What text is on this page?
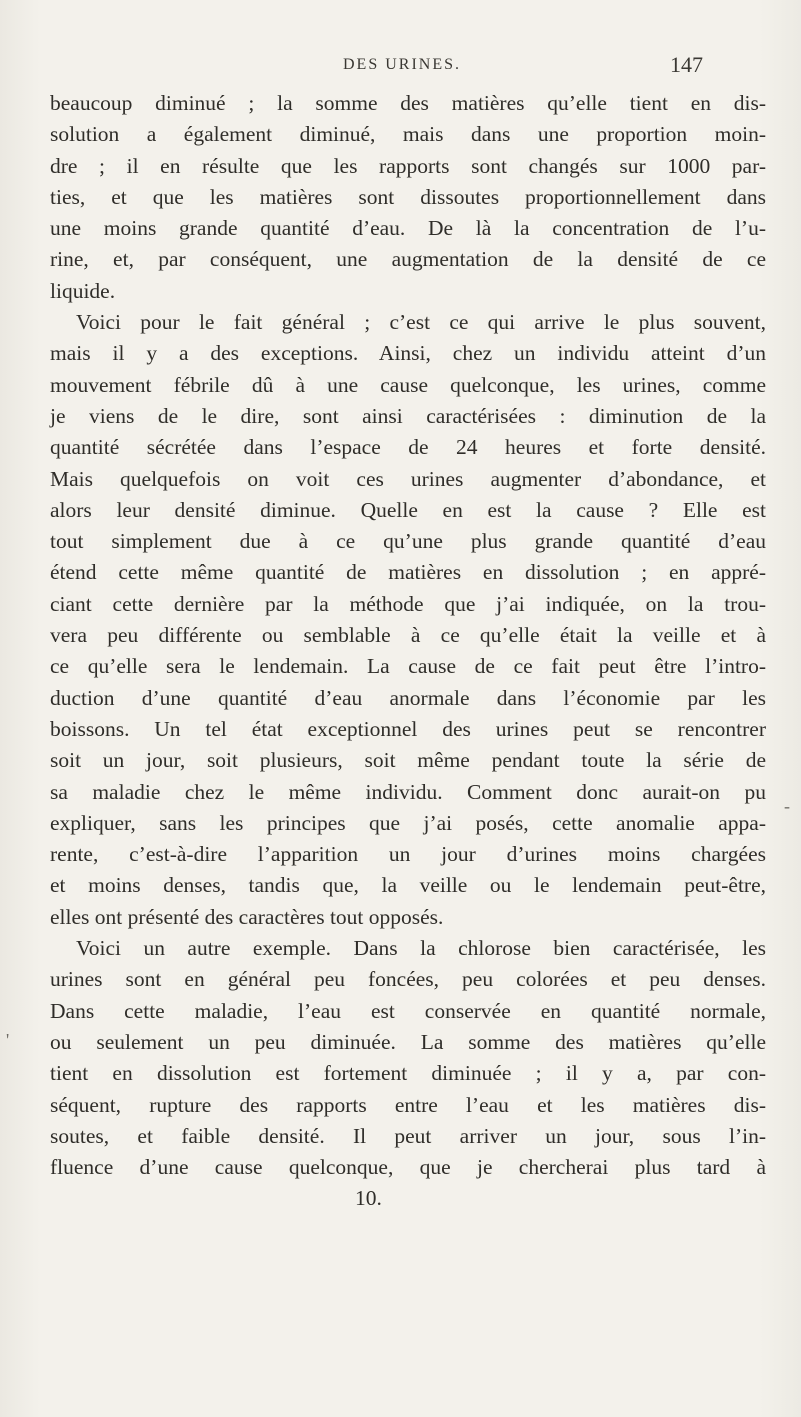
DES URINES.	147
beaucoup diminué ; la somme des matières qu’elle tient en dis-
solution a également diminué, mais dans une proportion moin-
dre ; il en résulte que les rapports sont changés sur 1000 par-
ties, et que les matières sont dissoutes proportionnellement dans
une moins grande quantité d’eau. De là la concentration de l’u-
rine, et, par conséquent, une augmentation de la densité de ce
liquide.
Voici pour le fait général ; c’est ce qui arrive le plus souvent,
mais il y a des exceptions. Ainsi, chez un individu atteint d’un
mouvement fébrile dû à une cause quelconque, les urines, comme
je viens de le dire, sont ainsi caractérisées : diminution de la
quantité sécrétée dans l’espace de 24 heures et forte densité.
Mais quelquefois on voit ces urines augmenter d’abondance, et
alors leur densité diminue. Quelle en est la cause ? Elle est
tout simplement due à ce qu’une plus grande quantité d’eau
étend cette même quantité de matières en dissolution ; en appré-
ciant cette dernière par la méthode que j’ai indiquée, on la trou-
vera peu différente ou semblable à ce qu’elle était la veille et à
ce qu’elle sera le lendemain. La cause de ce fait peut être l’intro-
duction d’une quantité d’eau anormale dans l’économie par les
boissons. Un tel état exceptionnel des urines peut se rencontrer
soit un jour, soit plusieurs, soit même pendant toute la série de
sa maladie chez le même individu. Comment donc aurait-on pu
expliquer, sans les principes que j’ai posés, cette anomalie appa-
rente, c’est-à-dire l’apparition un jour d’urines moins chargées
et moins denses, tandis que, la veille ou le lendemain peut-être,
elles ont présenté des caractères tout opposés.
Voici un autre exemple. Dans la chlorose bien caractérisée, les
urines sont en général peu foncées, peu colorées et peu denses.
Dans cette maladie, l’eau est conservée en quantité normale,
ou seulement un peu diminuée. La somme des matières qu’elle
tient en dissolution est fortement diminuée ; il y a, par con-
séquent, rupture des rapports entre l’eau et les matières dis-
soutes, et faible densité. Il peut arriver un jour, sous l’in-
fluence d’une cause quelconque, que je chercherai plus tard à
10.
'
-
